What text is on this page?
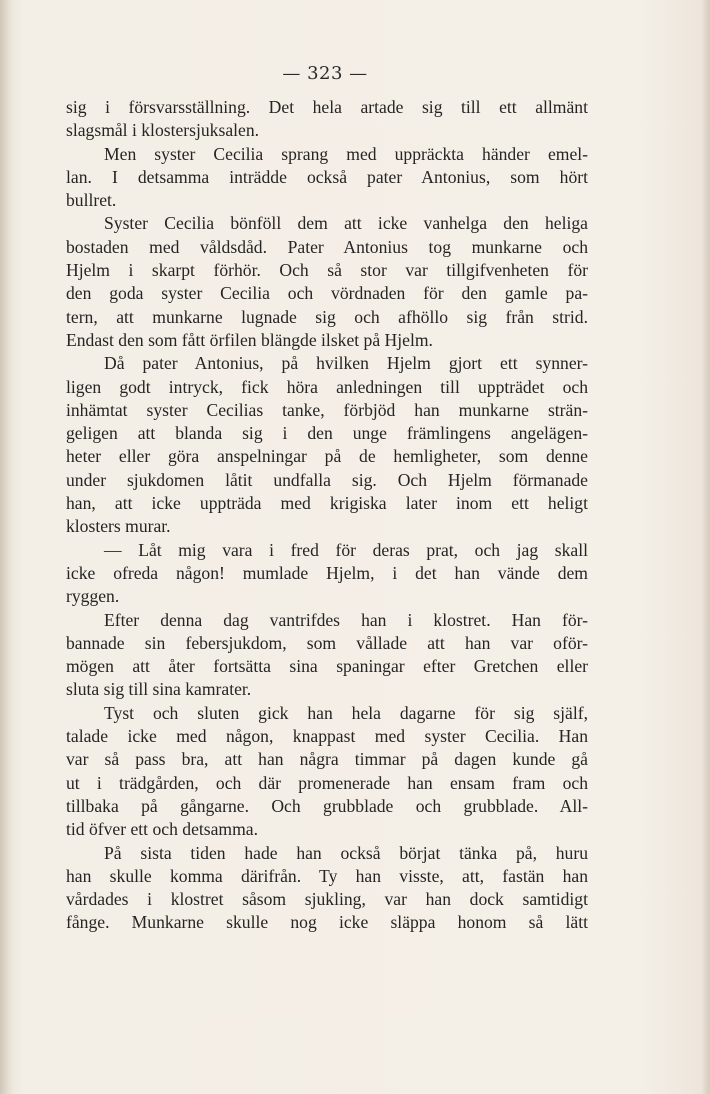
— 323 —
sig i försvarsställning. Det hela artade sig till ett allmänt
slagsmål i klostersjuksalen.
Men syster Cecilia sprang med uppräckta händer emel-
lan. I detsamma inträdde också pater Antonius, som hört
bullret.
Syster Cecilia bönföll dem att icke vanhelga den heliga
bostaden med våldsdåd. Pater Antonius tog munkarne och
Hjelm i skarpt förhör. Och så stor var tillgifvenheten för
den goda syster Cecilia och vördnaden för den gamle pa-
tern, att munkarne lugnade sig och afhöllo sig från strid.
Endast den som fått örfilen blängde ilsket på Hjelm.
Då pater Antonius, på hvilken Hjelm gjort ett synner-
ligen godt intryck, fick höra anledningen till uppträdet och
inhämtat syster Cecilias tanke, förbjöd han munkarne strän-
geligen att blanda sig i den unge främlingens angelägen-
heter eller göra anspelningar på de hemligheter, som denne
under sjukdomen låtit undfalla sig. Och Hjelm förmanade
han, att icke uppträda med krigiska later inom ett heligt
klosters murar.
— Låt mig vara i fred för deras prat, och jag skall
icke ofreda någon! mumlade Hjelm, i det han vände dem
ryggen.
Efter denna dag vantrifdes han i klostret. Han för-
bannade sin febersjukdom, som vållade att han var oför-
mögen att åter fortsätta sina spaningar efter Gretchen eller
sluta sig till sina kamrater.
Tyst och sluten gick han hela dagarne för sig själf,
talade icke med någon, knappast med syster Cecilia. Han
var så pass bra, att han några timmar på dagen kunde gå
ut i trädgården, och där promenerade han ensam fram och
tillbaka på gångarne. Och grubblade och grubblade. All-
tid öfver ett och detsamma.
På sista tiden hade han också börjat tänka på, huru
han skulle komma därifrån. Ty han visste, att, fastän han
vårdades i klostret såsom sjukling, var han dock samtidigt
fånge. Munkarne skulle nog icke släppa honom så lätt
